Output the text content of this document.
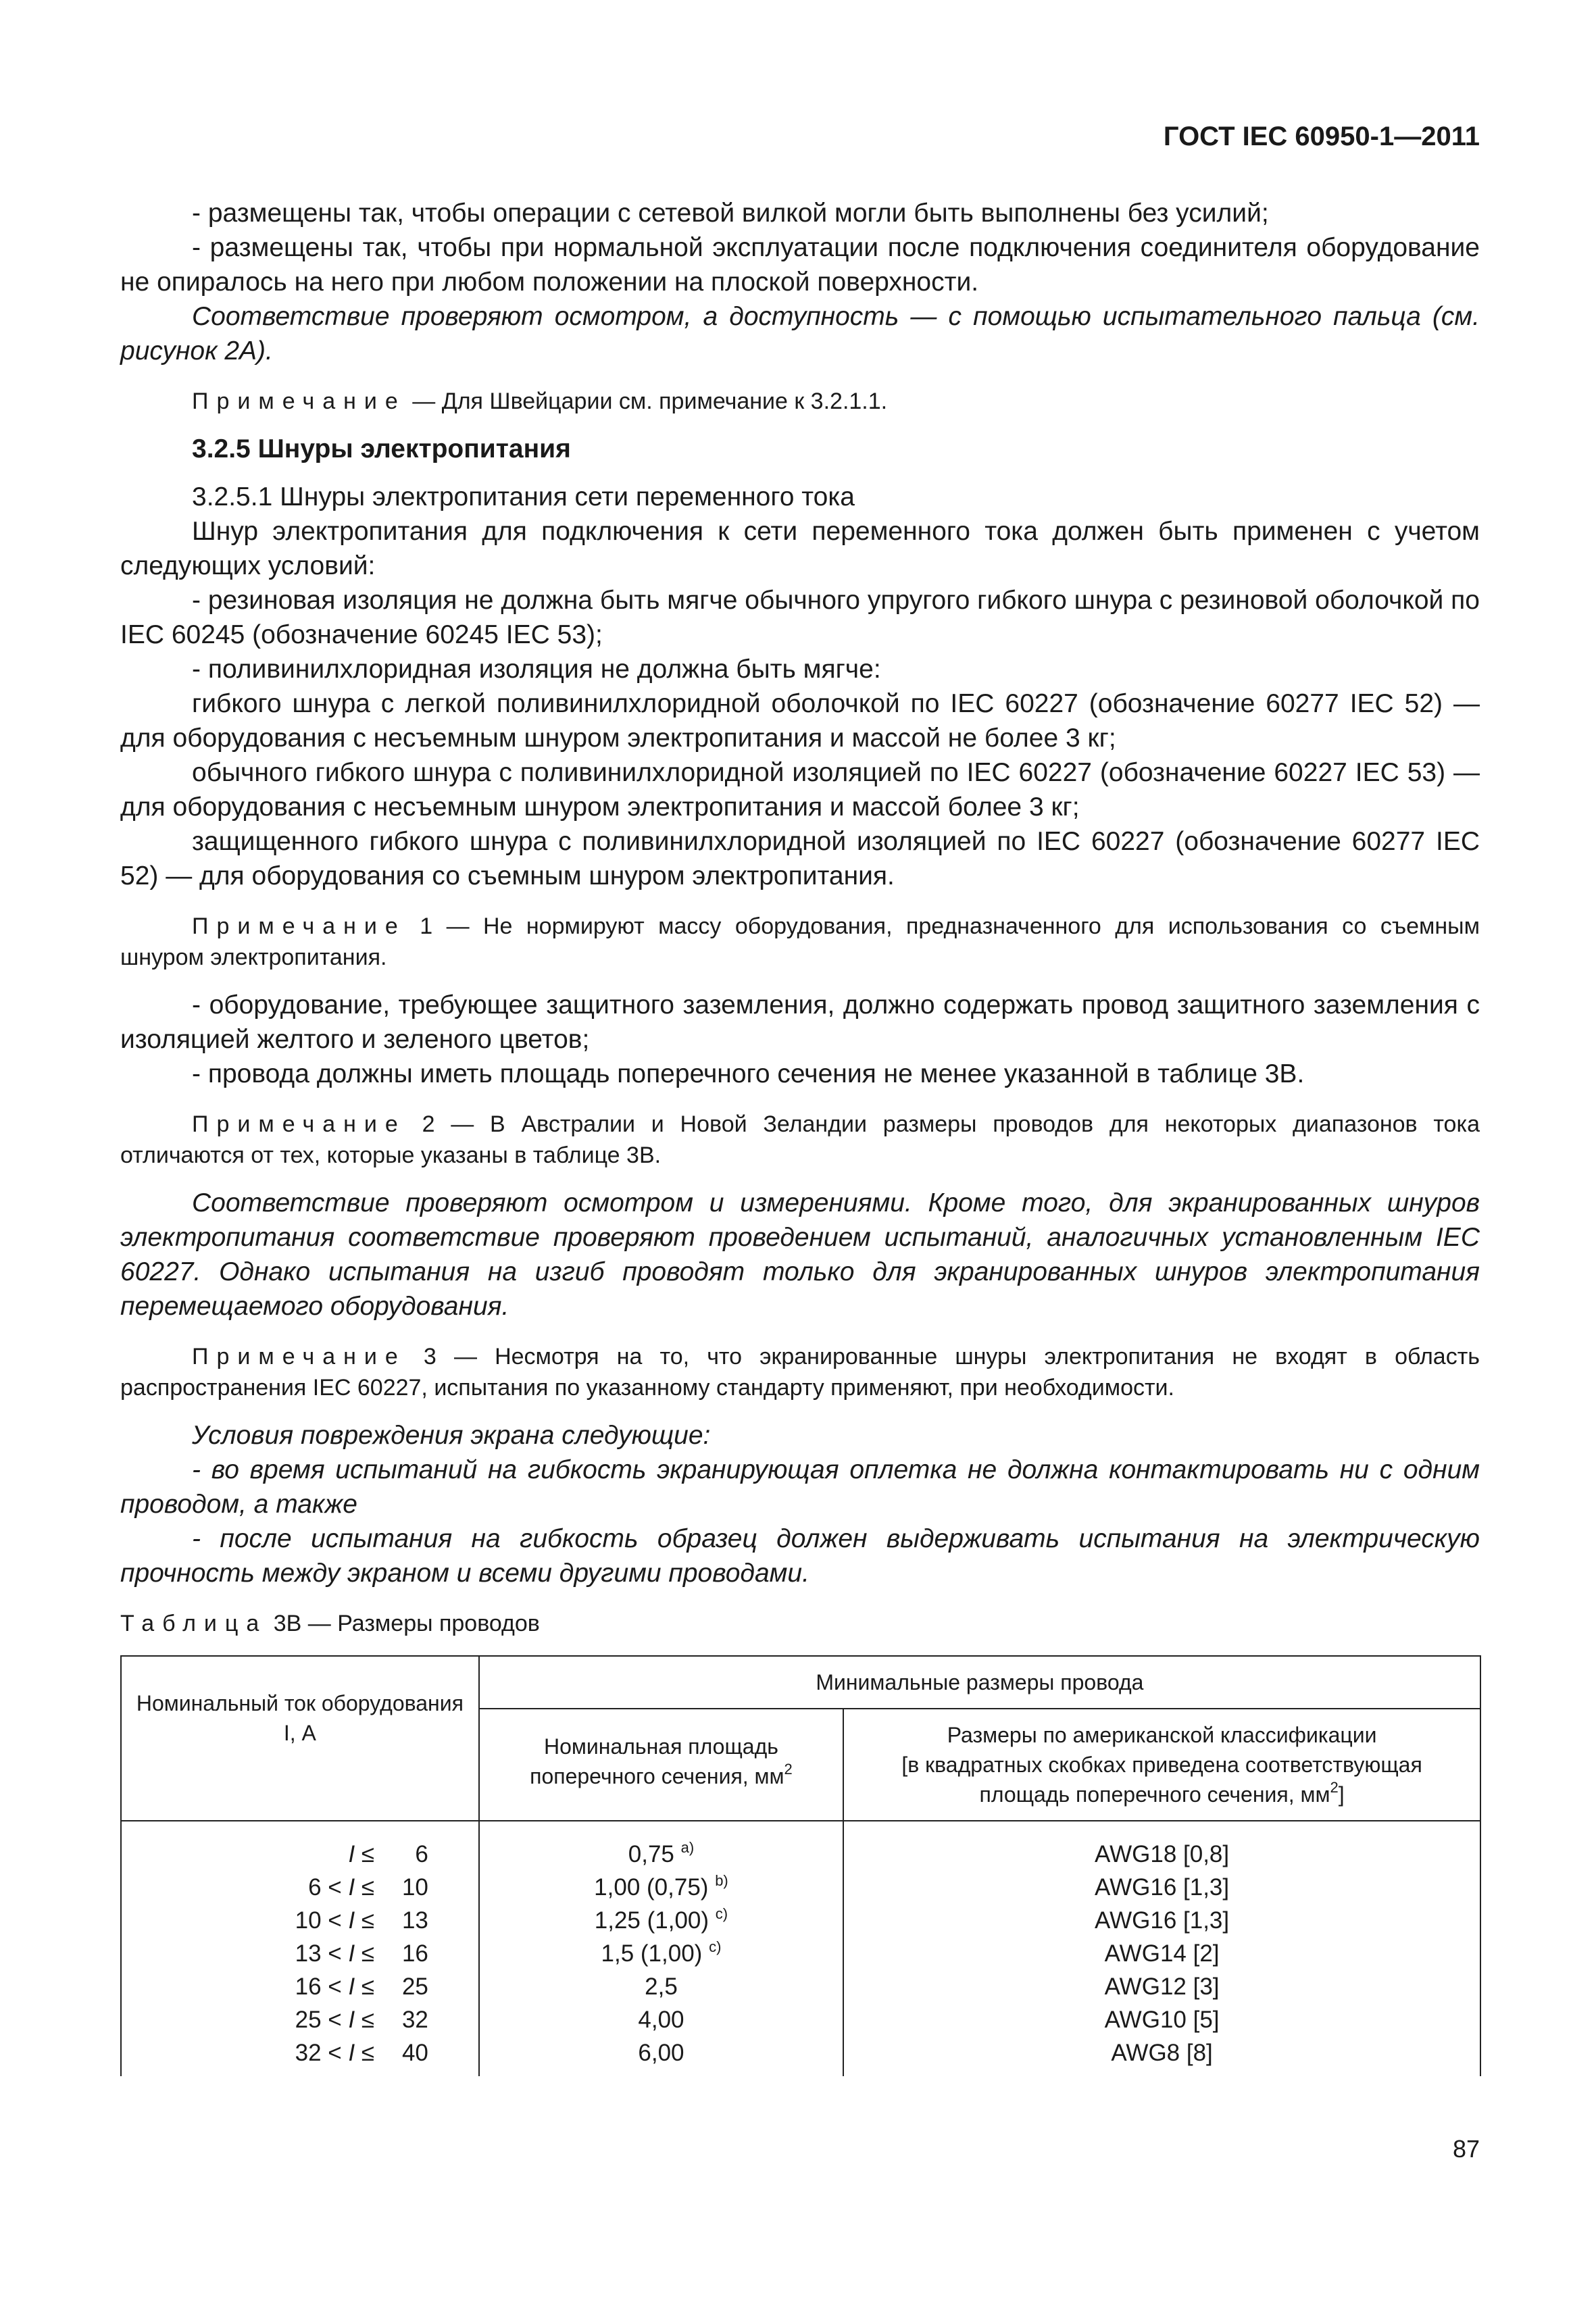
ГОСТ IEC 60950-1—2011

- размещены так, чтобы операции с сетевой вилкой могли быть выполнены без усилий;

- размещены так, чтобы при нормальной эксплуатации после подключения соединителя оборудование не опиралось на него при любом положении на плоской поверхности.

Соответствие проверяют осмотром, а доступность — с помощью испытательного пальца (см. рисунок 2А).

Примечание — Для Швейцарии см. примечание к 3.2.1.1.

3.2.5 Шнуры электропитания

3.2.5.1 Шнуры электропитания сети переменного тока

Шнур электропитания для подключения к сети переменного тока должен быть применен с учетом следующих условий:

- резиновая изоляция не должна быть мягче обычного упругого гибкого шнура с резиновой оболочкой по IEC 60245 (обозначение 60245 IEC 53);

- поливинилхлоридная изоляция не должна быть мягче:

гибкого шнура с легкой поливинилхлоридной оболочкой по IEC 60227 (обозначение 60277 IEC 52) — для оборудования с несъемным шнуром электропитания и массой не более 3 кг;

обычного гибкого шнура с поливинилхлоридной изоляцией по IEC 60227 (обозначение 60227 IEC 53) — для оборудования с несъемным шнуром электропитания и массой более 3 кг;

защищенного гибкого шнура с поливинилхлоридной изоляцией по IEC 60227 (обозначение 60277 IEC 52) — для оборудования со съемным шнуром электропитания.

Примечание 1 — Не нормируют массу оборудования, предназначенного для использования со съемным шнуром электропитания.

- оборудование, требующее защитного заземления, должно содержать провод защитного заземления с изоляцией желтого и зеленого цветов;

- провода должны иметь площадь поперечного сечения не менее указанной в таблице 3В.

Примечание 2 — В Австралии и Новой Зеландии размеры проводов для некоторых диапазонов тока отличаются от тех, которые указаны в таблице 3В.

Соответствие проверяют осмотром и измерениями. Кроме того, для экранированных шнуров электропитания соответствие проверяют проведением испытаний, аналогичных установленным IEC 60227. Однако испытания на изгиб проводят только для экранированных шнуров электропитания перемещаемого оборудования.

Примечание 3 — Несмотря на то, что экранированные шнуры электропитания не входят в область распространения IEC 60227, испытания по указанному стандарту применяют, при необходимости.

Условия повреждения экрана следующие:

- во время испытаний на гибкость экранирующая оплетка не должна контактировать ни с одним проводом, а также

- после испытания на гибкость образец должен выдерживать испытания на электрическую прочность между экраном и всеми другими проводами.

Таблица 3В — Размеры проводов
Номинальный ток оборудования I, А	Минимальные размеры провода	
	Номинальная площадь поперечного сечения, $мм^2$	Размеры по американской классификации
[в квадратных скобках приведена соответствующая площадь поперечного сечения, $мм^2$]
I ≤ 6	0,75 $^{a)}$	AWG18 [0,8]
6 < I ≤ 10	1,00 (0,75) $^{b)}$	AWG16 [1,3]
10 < I ≤ 13	1,25 (1,00) $^{c)}$	AWG16 [1,3]
13 < I ≤ 16	1,5 (1,00) $^{c)}$	AWG14 [2]
16 < I ≤ 25	2,5	AWG12 [3]
25 < I ≤ 32	4,00	AWG10 [5]
32 < I ≤ 40	6,00	AWG8 [8]
87
